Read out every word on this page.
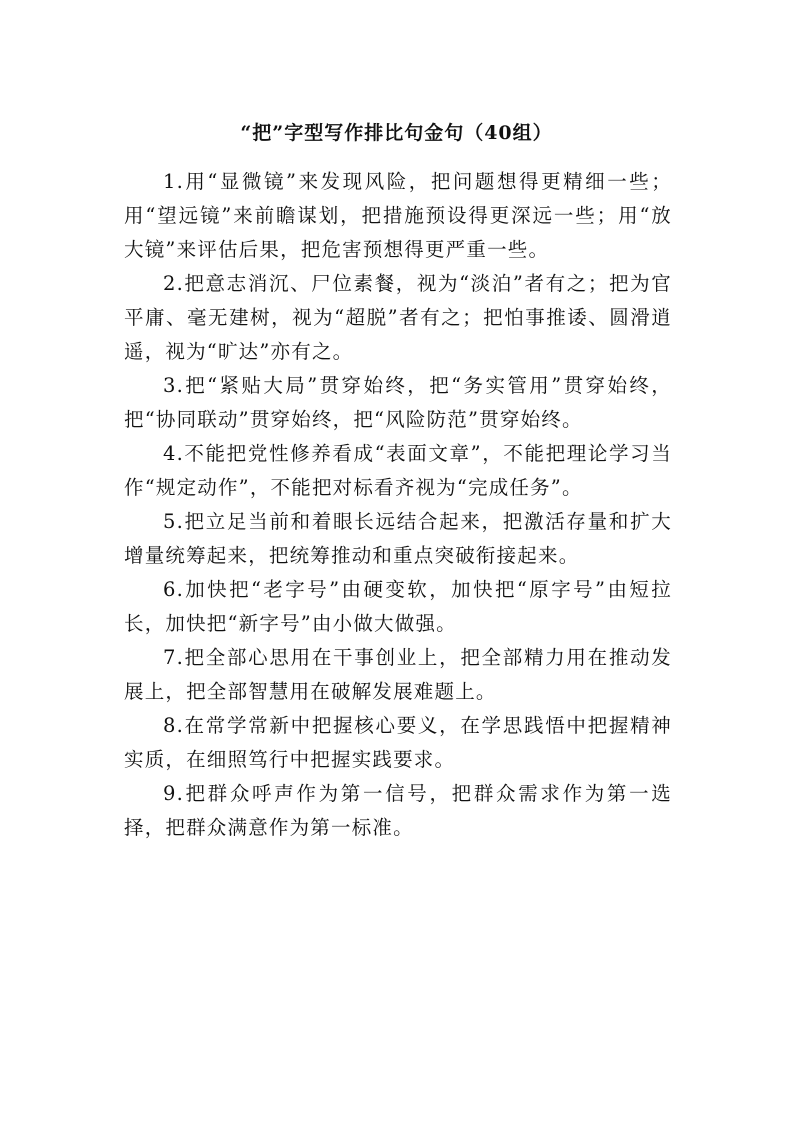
“把”字型写作排比句金句（40组）

1.用“显微镜”来发现风险，把问题想得更精细一些；用“望远镜”来前瞻谋划，把措施预设得更深远一些；用“放大镜”来评估后果，把危害预想得更严重一些。

2.把意志消沉、尸位素餐，视为“淡泊”者有之；把为官平庸、毫无建树，视为“超脱”者有之；把怕事推诿、圆滑逍遥，视为“旷达”亦有之。

3.把“紧贴大局”贯穿始终，把“务实管用”贯穿始终，把“协同联动”贯穿始终，把“风险防范”贯穿始终。

4.不能把党性修养看成“表面文章”，不能把理论学习当作“规定动作”，不能把对标看齐视为“完成任务”。

5.把立足当前和着眼长远结合起来，把激活存量和扩大增量统筹起来，把统筹推动和重点突破衔接起来。

6.加快把“老字号”由硬变软，加快把“原字号”由短拉长，加快把“新字号”由小做大做强。

7.把全部心思用在干事创业上，把全部精力用在推动发展上，把全部智慧用在破解发展难题上。

8.在常学常新中把握核心要义，在学思践悟中把握精神实质，在细照笃行中把握实践要求。

9.把群众呼声作为第一信号，把群众需求作为第一选择，把群众满意作为第一标准。
